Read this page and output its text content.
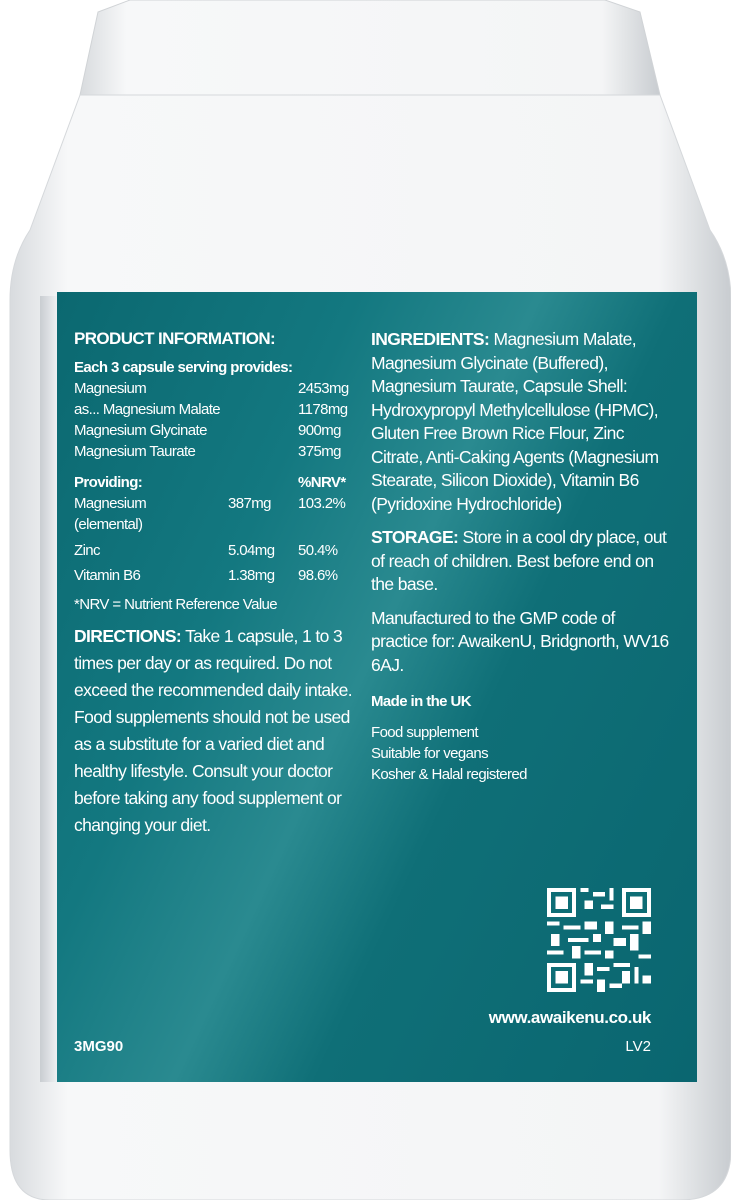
PRODUCT INFORMATION:
Each 3 capsule serving provides:
Magnesium	2453mg
as... Magnesium Malate	1178mg
Magnesium Glycinate	900mg
Magnesium Taurate	375mg
Providing:	%NRV*
Magnesium	387mg	103.2%
(elemental)
Zinc	5.04mg	50.4%
Vitamin B6	1.38mg	98.6%
*NRV = Nutrient Reference Value
DIRECTIONS: Take 1 capsule, 1 to 3 times per day or as required. Do not exceed the recommended daily intake. Food supplements should not be used as a substitute for a varied diet and healthy lifestyle. Consult your doctor before taking any food supplement or changing your diet.

INGREDIENTS: Magnesium Malate, Magnesium Glycinate (Buffered), Magnesium Taurate, Capsule Shell: Hydroxypropyl Methylcellulose (HPMC), Gluten Free Brown Rice Flour, Zinc Citrate, Anti-Caking Agents (Magnesium Stearate, Silicon Dioxide), Vitamin B6 (Pyridoxine Hydrochloride)

STORAGE: Store in a cool dry place, out of reach of children. Best before end on the base.

Manufactured to the GMP code of practice for: AwaikenU, Bridgnorth, WV16 6AJ.

Made in the UK

Food supplement
Suitable for vegans
Kosher & Halal registered
www.awaikenu.co.uk
LV2
3MG90
